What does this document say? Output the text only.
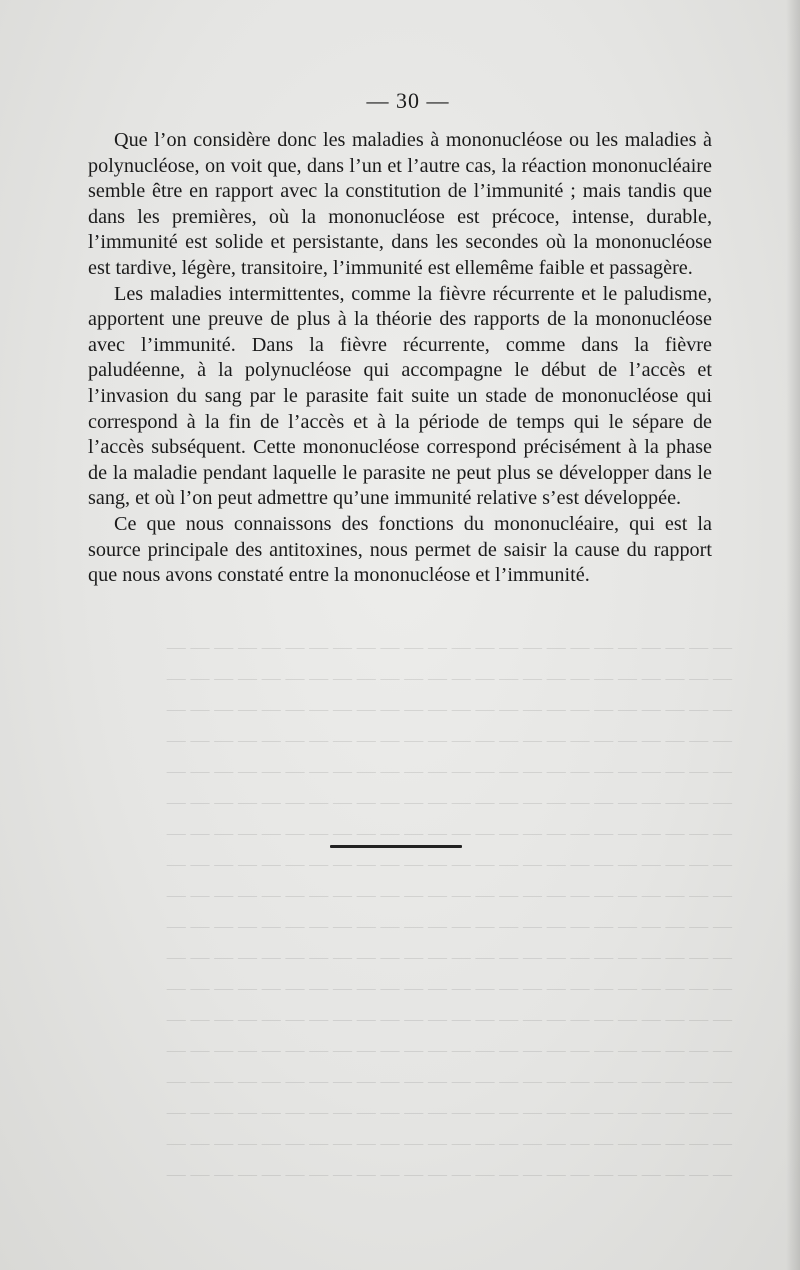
— — — — — — — — — — — — — — — — — — — — — — — —
— — — — — — — — — — — — — — — — — — — — — — — —
— — — — — — — — — — — — — — — — — — — — — — — —
— — — — — — — — — — — — — — — — — — — — — — — —
— — — — — — — — — — — — — — — — — — — — — — — —
— — — — — — — — — — — — — — — — — — — — — — — —
— — — — — — — — — — — — — — — — — — — — — — — —
— — — — — — — — — — — — — — — — — — — — — — — —
— — — — — — — — — — — — — — — — — — — — — — — —
— — — — — — — — — — — — — — — — — — — — — — — —
— — — — — — — — — — — — — — — — — — — — — — — —
— — — — — — — — — — — — — — — — — — — — — — — —
— — — — — — — — — — — — — — — — — — — — — — — —
— — — — — — — — — — — — — — — — — — — — — — — —
— — — — — — — — — — — — — — — — — — — — — — — —
— — — — — — — — — — — — — — — — — — — — — — — —
— — — — — — — — — — — — — — — — — — — — — — — —
— — — — — — — — — — — — — — — — — — — — — — — —
— 30 —

Que l’on considère donc les maladies à mononucléose ou les maladies à polynucléose, on voit que, dans l’un et l’autre cas, la réaction mononucléaire semble être en rapport avec la constitution de l’immunité ; mais tandis que dans les premières, où la mononucléose est précoce, intense, durable, l’immunité est solide et persistante, dans les secondes où la mononucléose est tardive, légère, transitoire, l’immunité est ellemême faible et passagère.

Les maladies intermittentes, comme la fièvre récurrente et le paludisme, apportent une preuve de plus à la théorie des rapports de la mononucléose avec l’immunité. Dans la fièvre récurrente, comme dans la fièvre paludéenne, à la polynucléose qui accompagne le début de l’accès et l’invasion du sang par le parasite fait suite un stade de mononucléose qui correspond à la fin de l’accès et à la période de temps qui le sépare de l’accès subséquent. Cette mononucléose correspond précisément à la phase de la maladie pendant laquelle le parasite ne peut plus se développer dans le sang, et où l’on peut admettre qu’une immunité relative s’est développée.

Ce que nous connaissons des fonctions du mononucléaire, qui est la source principale des antitoxines, nous permet de saisir la cause du rapport que nous avons constaté entre la mononucléose et l’immunité.
